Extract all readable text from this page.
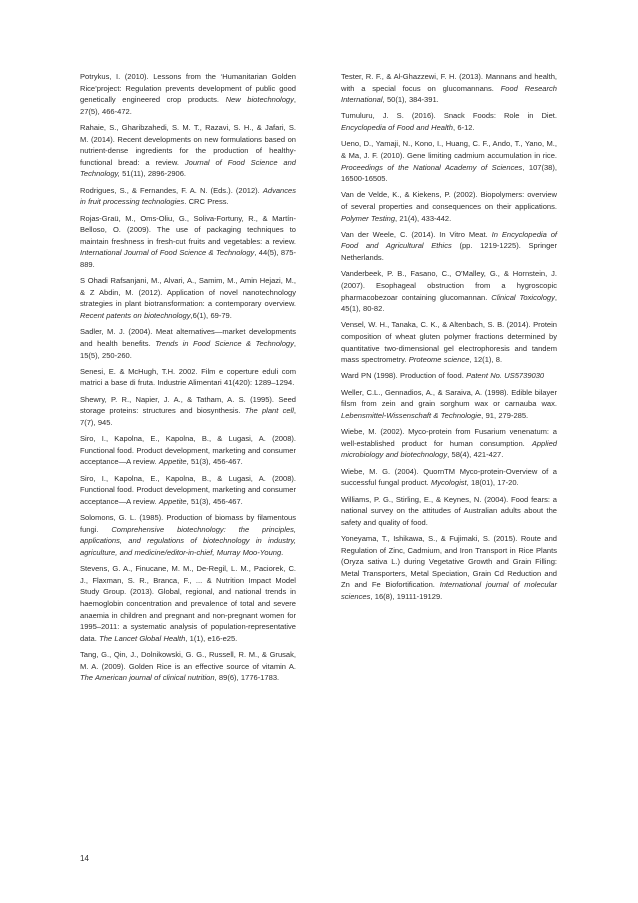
Potrykus, I. (2010). Lessons from the ‘Humanitarian Golden Rice’project: Regulation prevents development of public good genetically engineered crop products. New biotechnology, 27(5), 466-472.

Rahaie, S., Gharibzahedi, S. M. T., Razavi, S. H., & Jafari, S. M. (2014). Recent developments on new formulations based on nutrient-dense ingredients for the production of healthy-functional bread: a review. Journal of Food Science and Technology, 51(11), 2896-2906.

Rodrigues, S., & Fernandes, F. A. N. (Eds.). (2012). Advances in fruit processing technologies. CRC Press.

Rojas-Graü, M., Oms-Oliu, G., Soliva-Fortuny, R., & Martín-Belloso, O. (2009). The use of packaging techniques to maintain freshness in fresh-cut fruits and vegetables: a review. International Journal of Food Science & Technology, 44(5), 875-889.

S Ohadi Rafsanjani, M., Alvari, A., Samim, M., Amin Hejazi, M., & Z Abdin, M. (2012). Application of novel nanotechnology strategies in plant biotransformation: a contemporary overview. Recent patents on biotechnology,6(1), 69-79.

Sadler, M. J. (2004). Meat alternatives—market developments and health benefits. Trends in Food Science & Technology, 15(5), 250-260.

Senesi, E. & McHugh, T.H. 2002. Film e coperture eduli com matrici a base di fruta. Industrie Alimentari 41(420): 1289–1294.

Shewry, P. R., Napier, J. A., & Tatham, A. S. (1995). Seed storage proteins: structures and biosynthesis. The plant cell, 7(7), 945.

Siro, I., Kapolna, E., Kapolna, B., & Lugasi, A. (2008). Functional food. Product development, marketing and consumer acceptance—A review. Appetite, 51(3), 456-467.

Siro, I., Kapolna, E., Kapolna, B., & Lugasi, A. (2008). Functional food. Product development, marketing and consumer acceptance—A review. Appetite, 51(3), 456-467.

Solomons, G. L. (1985). Production of biomass by filamentous fungi. Comprehensive biotechnology: the principles, applications, and regulations of biotechnology in industry, agriculture, and medicine/editor-in-chief, Murray Moo-Young.

Stevens, G. A., Finucane, M. M., De-Regil, L. M., Paciorek, C. J., Flaxman, S. R., Branca, F., ... & Nutrition Impact Model Study Group. (2013). Global, regional, and national trends in haemoglobin concentration and prevalence of total and severe anaemia in children and pregnant and non-pregnant women for 1995–2011: a systematic analysis of population-representative data. The Lancet Global Health, 1(1), e16-e25.

Tang, G., Qin, J., Dolnikowski, G. G., Russell, R. M., & Grusak, M. A. (2009). Golden Rice is an effective source of vitamin A. The American journal of clinical nutrition, 89(6), 1776-1783.

Tester, R. F., & Al-Ghazzewi, F. H. (2013). Mannans and health, with a special focus on glucomannans. Food Research International, 50(1), 384-391.

Tumuluru, J. S. (2016). Snack Foods: Role in Diet. Encyclopedia of Food and Health, 6-12.

Ueno, D., Yamaji, N., Kono, I., Huang, C. F., Ando, T., Yano, M., & Ma, J. F. (2010). Gene limiting cadmium accumulation in rice. Proceedings of the National Academy of Sciences, 107(38), 16500-16505.

Van de Velde, K., & Kiekens, P. (2002). Biopolymers: overview of several properties and consequences on their applications. Polymer Testing, 21(4), 433-442.

Van der Weele, C. (2014). In Vitro Meat. In Encyclopedia of Food and Agricultural Ethics (pp. 1219-1225). Springer Netherlands.

Vanderbeek, P. B., Fasano, C., O'Malley, G., & Hornstein, J. (2007). Esophageal obstruction from a hygroscopic pharmacobezoar containing glucomannan. Clinical Toxicology, 45(1), 80-82.

Vensel, W. H., Tanaka, C. K., & Altenbach, S. B. (2014). Protein composition of wheat gluten polymer fractions determined by quantitative two-dimensional gel electrophoresis and tandem mass spectrometry. Proteome science, 12(1), 8.

Ward PN (1998). Production of food. Patent No. US5739030

Weller, C.L., Gennadios, A., & Saraiva, A. (1998). Edible bilayer filsm from zein and grain sorghum wax or carnauba wax. Lebensmittel-Wissenschaft & Technologie, 91, 279-285.

Wiebe, M. (2002). Myco-protein from Fusarium venenatum: a well-established product for human consumption. Applied microbiology and biotechnology, 58(4), 421-427.

Wiebe, M. G. (2004). QuornTM Myco-protein-Overview of a successful fungal product. Mycologist, 18(01), 17-20.

Williams, P. G., Stirling, E., & Keynes, N. (2004). Food fears: a national survey on the attitudes of Australian adults about the safety and quality of food.

Yoneyama, T., Ishikawa, S., & Fujimaki, S. (2015). Route and Regulation of Zinc, Cadmium, and Iron Transport in Rice Plants (Oryza sativa L.) during Vegetative Growth and Grain Filling: Metal Transporters, Metal Speciation, Grain Cd Reduction and Zn and Fe Biofortification. International journal of molecular sciences, 16(8), 19111-19129.

14
